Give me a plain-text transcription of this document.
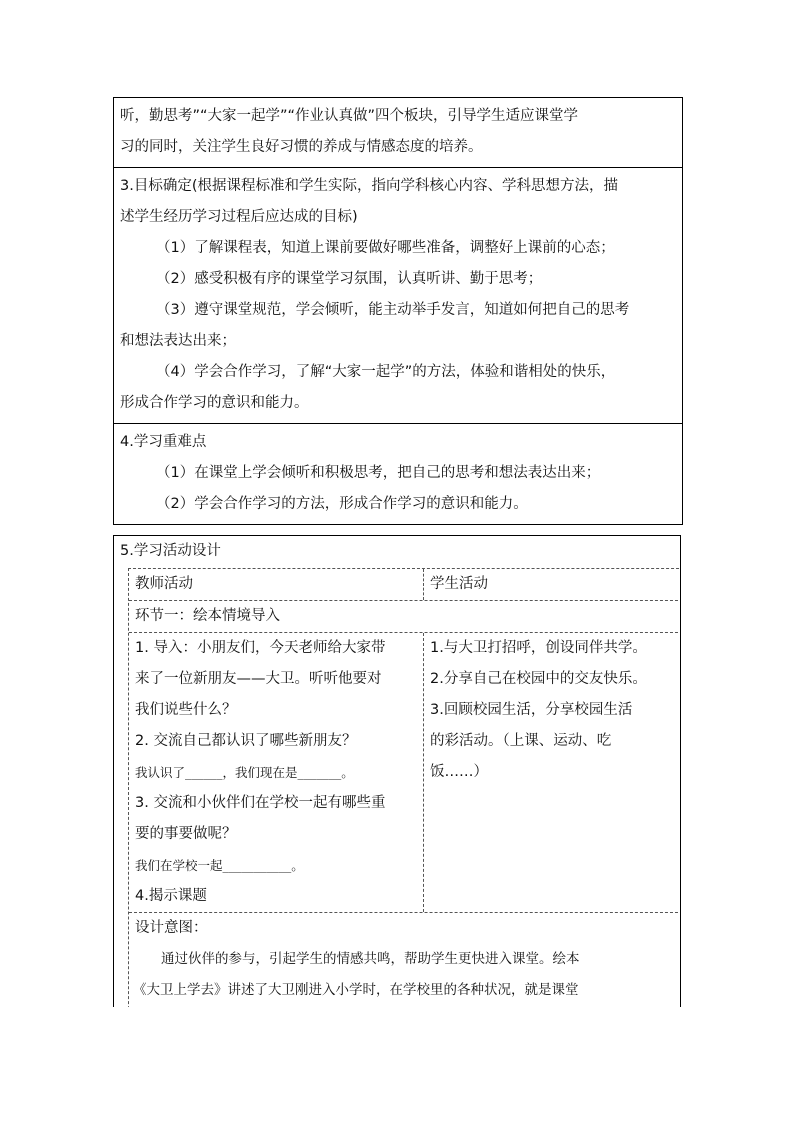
听，勤思考”“大家一起学”“作业认真做”四个板块，引导学生适应课堂学
习的同时，关注学生良好习惯的养成与情感态度的培养。
3.目标确定(根据课程标准和学生实际，指向学科核心内容、学科思想方法，描
述学生经历学习过程后应达成的目标)
（1）了解课程表，知道上课前要做好哪些准备，调整好上课前的心态；
（2）感受积极有序的课堂学习氛围，认真听讲、勤于思考；
（3）遵守课堂规范，学会倾听，能主动举手发言，知道如何把自己的思考
和想法表达出来；
（4）学会合作学习，了解“大家一起学”的方法，体验和谐相处的快乐，
形成合作学习的意识和能力。
4.学习重难点
（1）在课堂上学会倾听和积极思考，把自己的思考和想法表达出来；
（2）学会合作学习的方法，形成合作学习的意识和能力。
5.学习活动设计
教师活动	学生活动
环节一：绘本情境导入
1. 导入：小朋友们，今天老师给大家带
来了一位新朋友——大卫。听听他要对
我们说些什么？
2. 交流自己都认识了哪些新朋友？
我认识了______，我们现在是_______。
3. 交流和小伙伴们在学校一起有哪些重
要的事要做呢？
我们在学校一起___________。
4.揭示课题
1.与大卫打招呼，创设同伴共学。
2.分享自己在校园中的交友快乐。
3.回顾校园生活，分享校园生活
的彩活动。（上课、运动、吃
饭……）
设计意图：
通过伙伴的参与，引起学生的情感共鸣，帮助学生更快进入课堂。绘本
《大卫上学去》讲述了大卫刚进入小学时，在学校里的各种状况，就是课堂
